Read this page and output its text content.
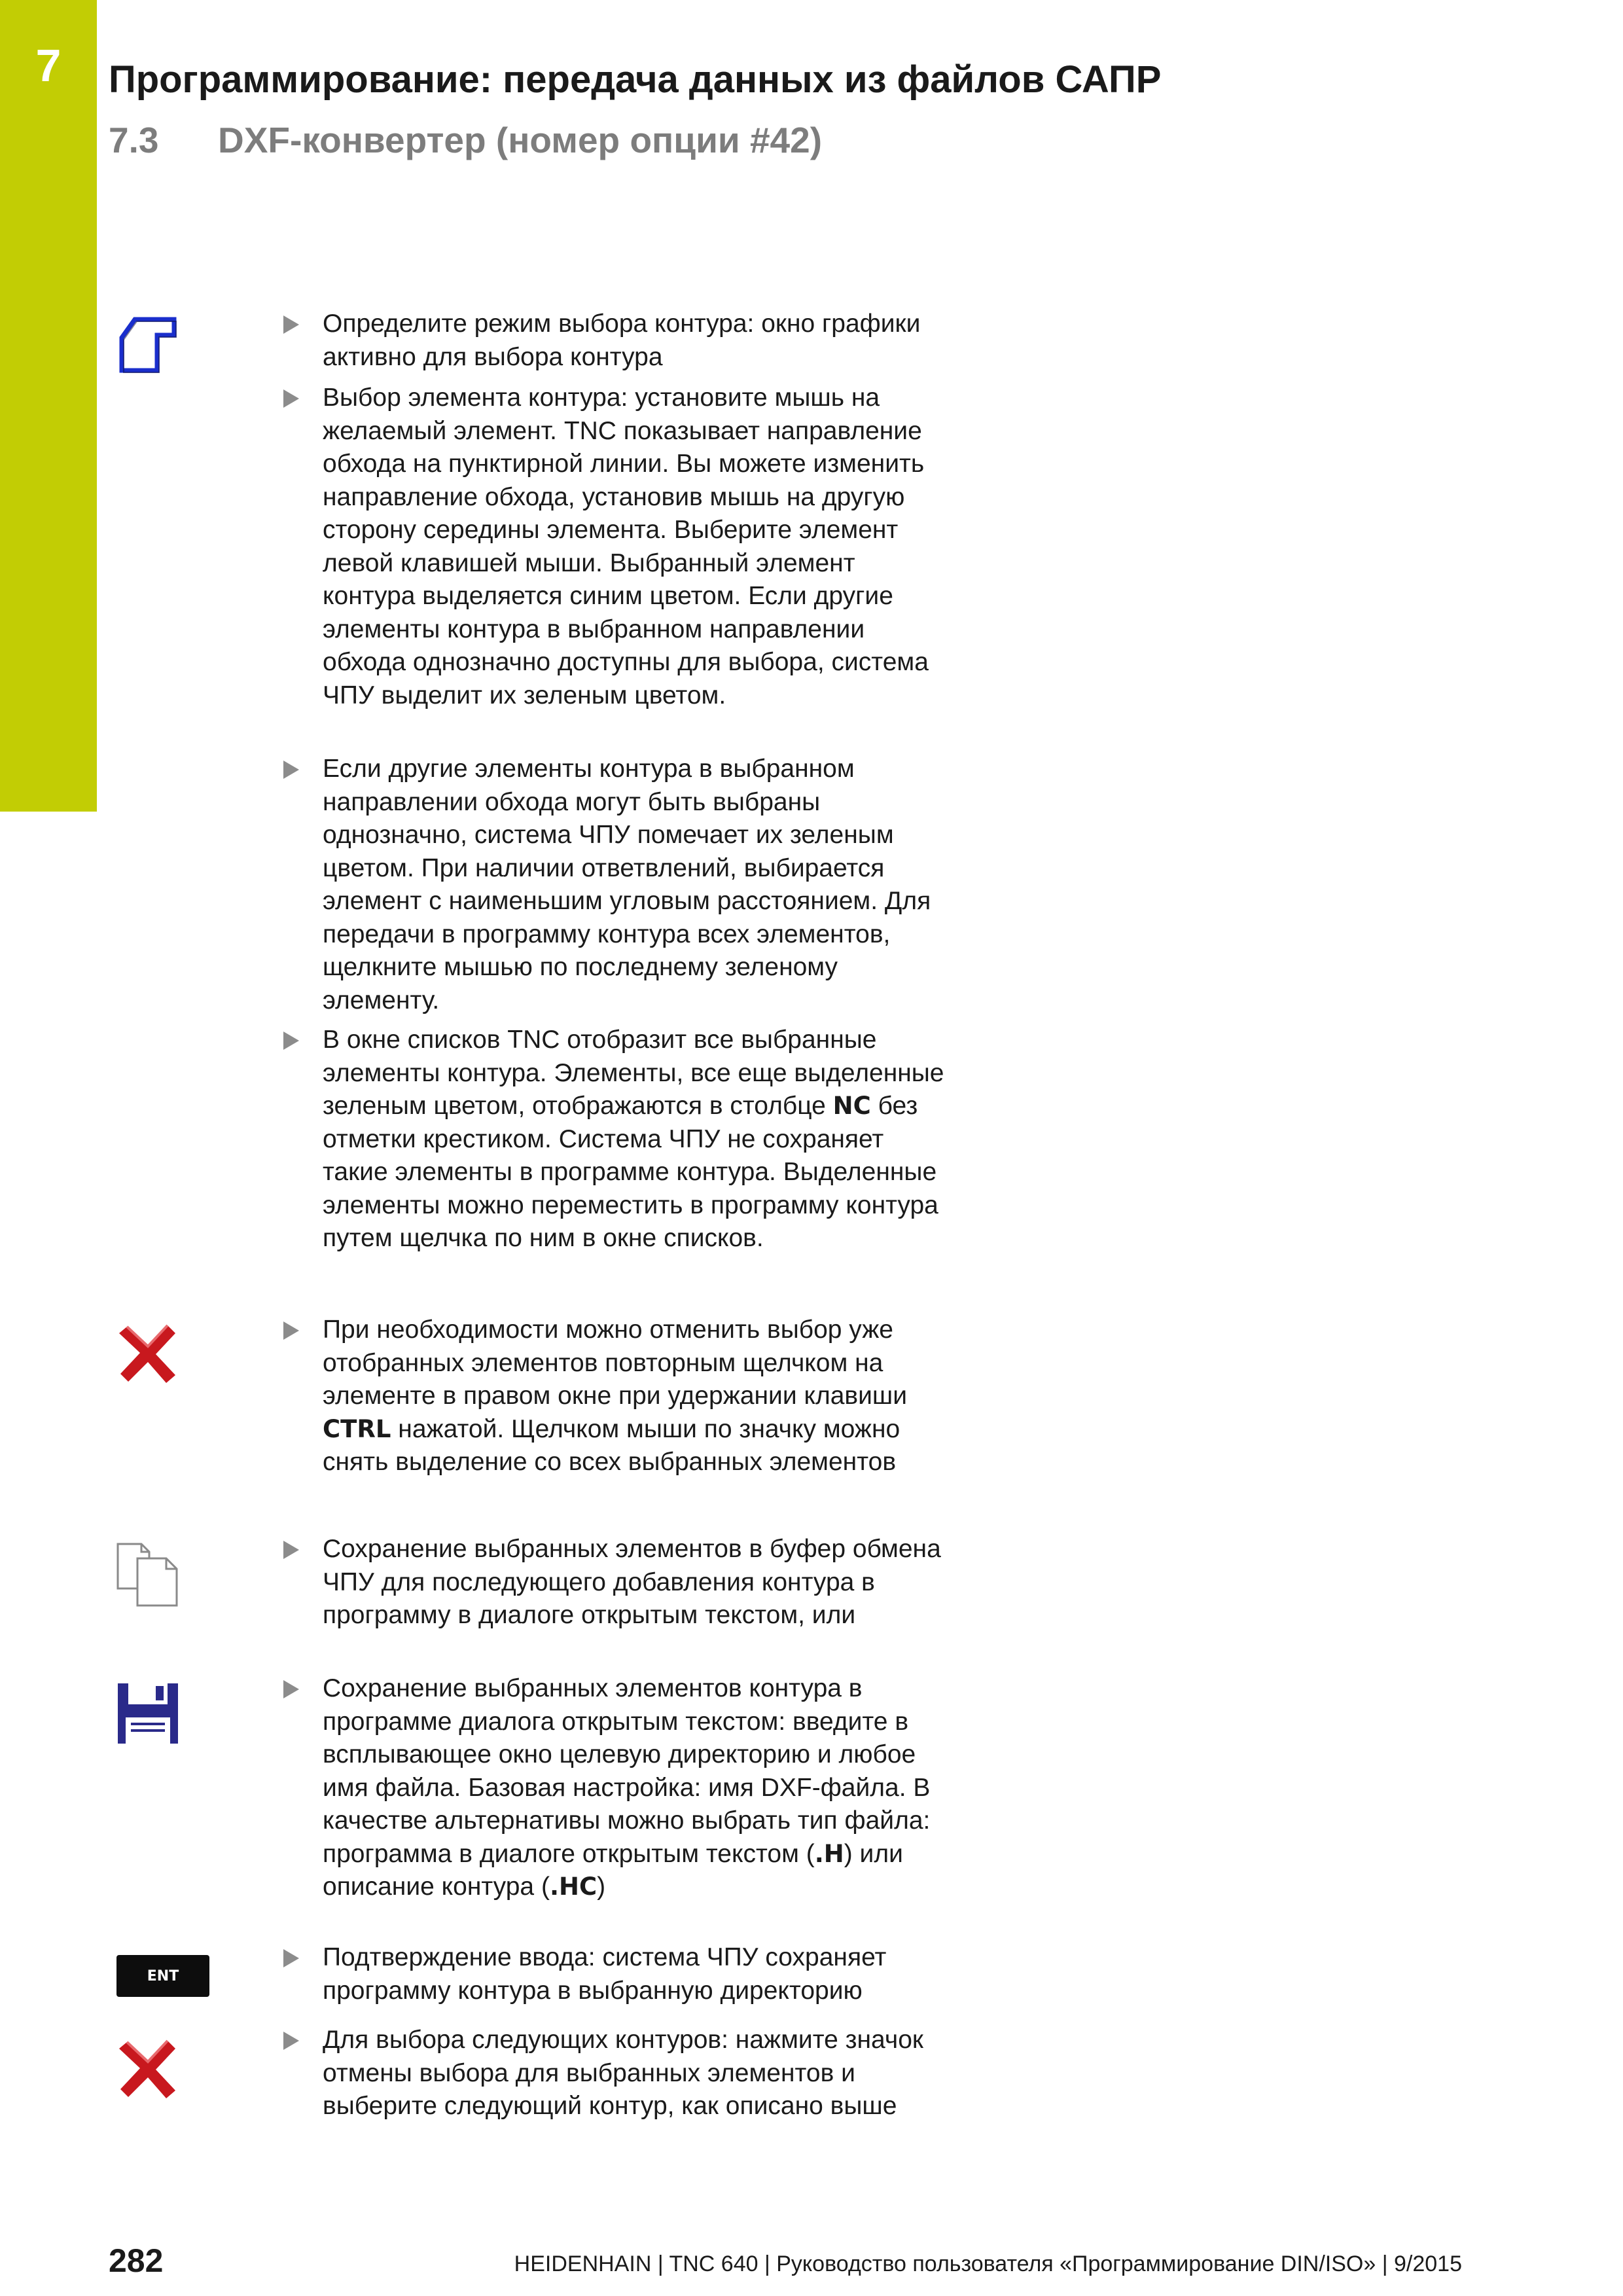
7	Программирование: передача данных из файлов САПР
7.3 DXF-конвертер (номер опции #42)
ENT
Определите режим выбора контура: окно графики активно для выбора контура
Выбор элемента контура: установите мышь на желаемый элемент. TNC показывает направление обхода на пунктирной линии. Вы можете изменить направление обхода, установив мышь на другую сторону середины элемента. Выберите элемент левой клавишей мыши. Выбранный элемент контура выделяется синим цветом. Если другие элементы контура в выбранном направлении обхода однозначно доступны для выбора, система ЧПУ выделит их зеленым цветом.
Если другие элементы контура в выбранном направлении обхода могут быть выбраны однозначно, система ЧПУ помечает их зеленым цветом. При наличии ответвлений, выбирается элемент с наименьшим угловым расстоянием. Для передачи в программу контура всех элементов, щелкните мышью по последнему зеленому элементу.
В окне списков TNC отобразит все выбранные элементы контура. Элементы, все еще выделенные зеленым цветом, отображаются в столбце NC без отметки крестиком. Система ЧПУ не сохраняет такие элементы в программе контура. Выделенные элементы можно переместить в программу контура путем щелчка по ним в окне списков.
При необходимости можно отменить выбор уже отобранных элементов повторным щелчком на элементе в правом окне при удержании клавиши CTRL нажатой. Щелчком мыши по значку можно снять выделение со всех выбранных элементов
Сохранение выбранных элементов в буфер обмена ЧПУ для последующего добавления контура в программу в диалоге открытым текстом, или
Сохранение выбранных элементов контура в программе диалога открытым текстом: введите в всплывающее окно целевую директорию и любое имя файла. Базовая настройка: имя DXF-файла. В качестве альтернативы можно выбрать тип файла: программа в диалоге открытым текстом (.H) или описание контура (.HC)
Подтверждение ввода: система ЧПУ сохраняет программу контура в выбранную директорию
Для выбора следующих контуров: нажмите значок отмены выбора для выбранных элементов и выберите следующий контур, как описано выше
282	HEIDENHAIN | TNC 640 | Руководство пользователя «Программирование DIN/ISO» | 9/2015
